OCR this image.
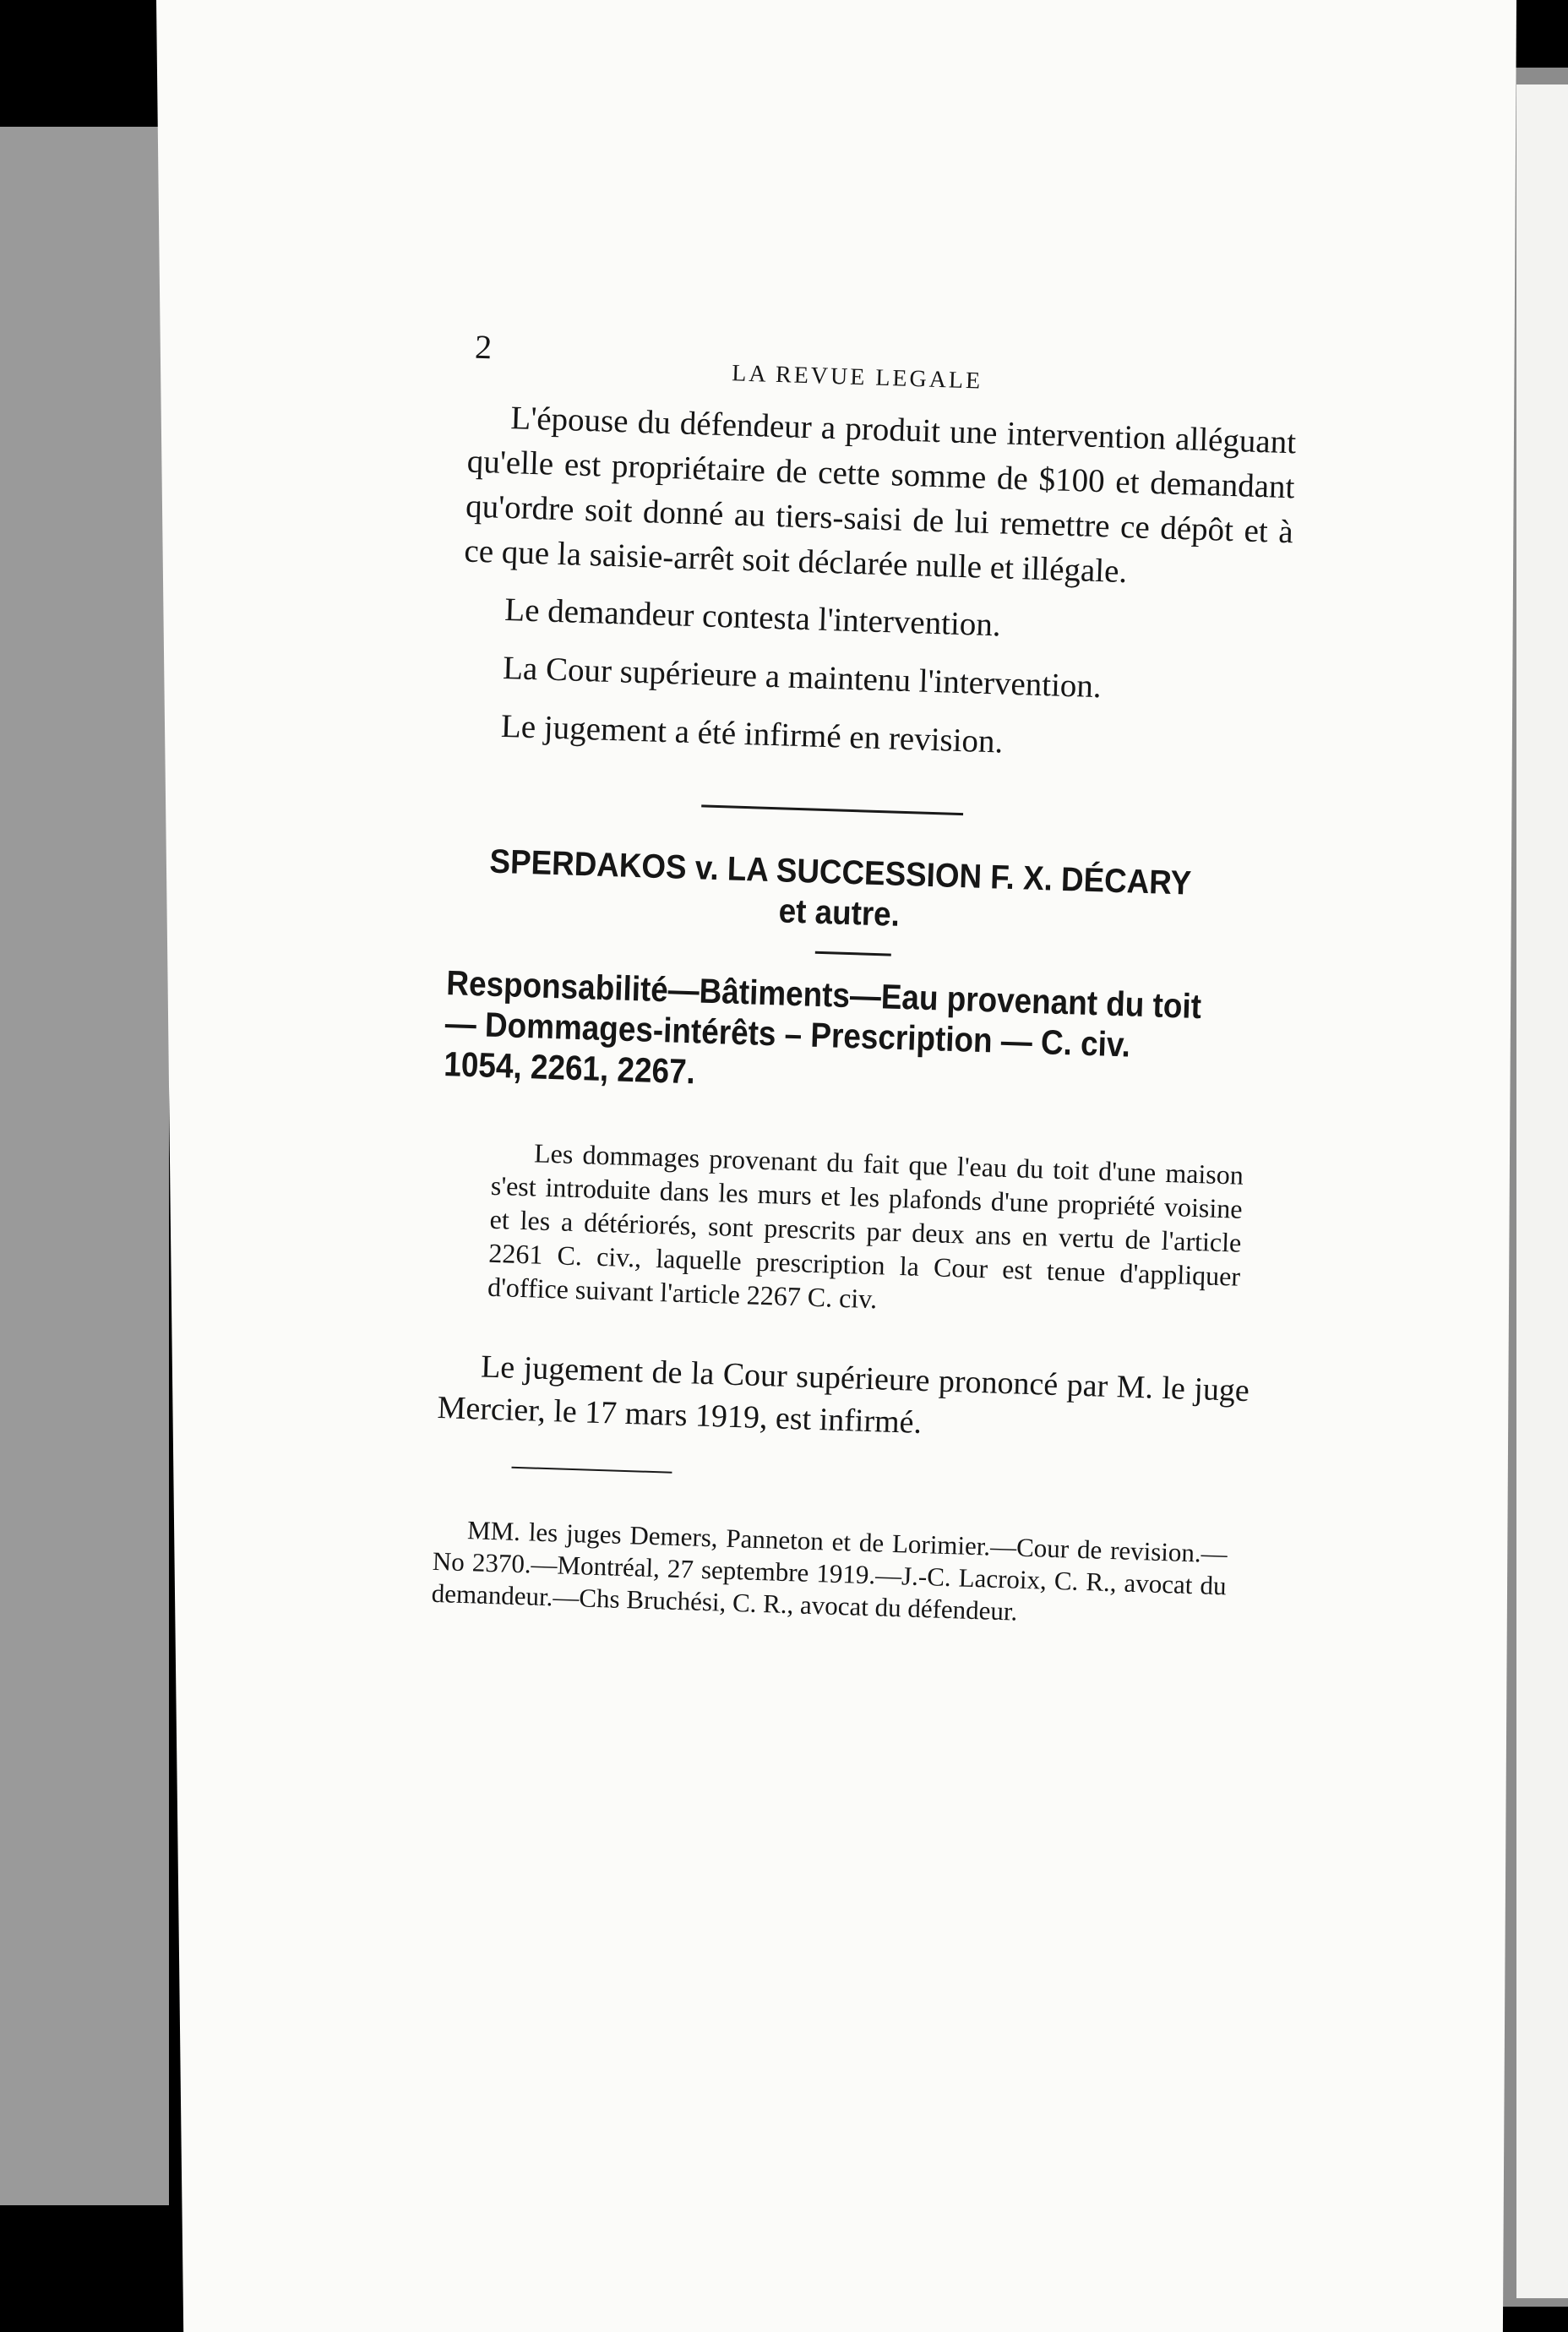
2
LA REVUE LEGALE

L'épouse du défendeur a produit une intervention alléguant qu'elle est propriétaire de cette somme de $100 et demandant qu'ordre soit donné au tiers-saisi de lui remettre ce dépôt et à ce que la saisie-arrêt soit déclarée nulle et illégale.

Le demandeur contesta l'intervention.

La Cour supérieure a maintenu l'intervention.

Le jugement a été infirmé en revision.

SPERDAKOS v. LA SUCCESSION F. X. DÉCARY
et autre.
Responsabilité—Bâtiments—Eau provenant du toit — Dommages-intérêts – Prescription — C. civ. 1054, 2261, 2267.

Les dommages provenant du fait que l'eau du toit d'une maison s'est introduite dans les murs et les plafonds d'une propriété voisine et les a détériorés, sont prescrits par deux ans en vertu de l'article 2261 C. civ., laquelle prescription la Cour est tenue d'appliquer d'office suivant l'article 2267 C. civ.

Le jugement de la Cour supérieure prononcé par M. le juge Mercier, le 17 mars 1919, est infirmé.

MM. les juges Demers, Panneton et de Lorimier.—Cour de revision.—No 2370.—Montréal, 27 septembre 1919.—J.-C. Lacroix, C. R., avocat du demandeur.—Chs Bruchési, C. R., avocat du défendeur.
